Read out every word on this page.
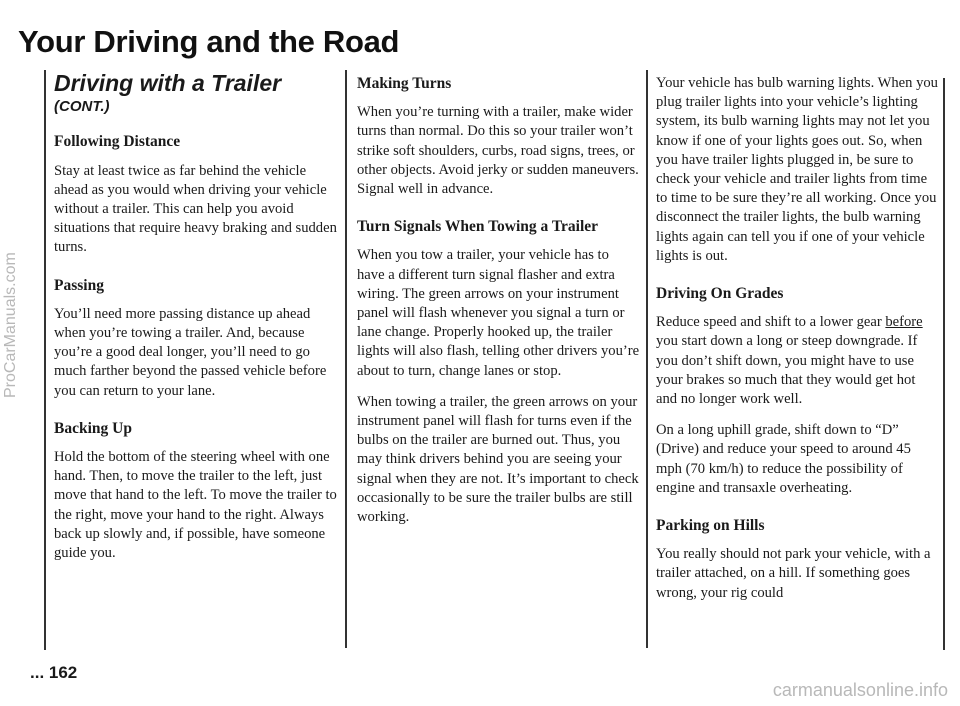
Your Driving and the Road
Driving with a Trailer
(CONT.)
Following Distance

Stay at least twice as far behind the vehicle ahead as you would when driving your vehicle without a trailer. This can help you avoid situations that require heavy braking and sudden turns.

Passing

You’ll need more passing distance up ahead when you’re towing a trailer. And, because you’re a good deal longer, you’ll need to go much farther beyond the passed vehicle before you can return to your lane.

Backing Up

Hold the bottom of the steering wheel with one hand. Then, to move the trailer to the left, just move that hand to the left. To move the trailer to the right, move your hand to the right. Always back up slowly and, if possible, have someone guide you.

Making Turns

When you’re turning with a trailer, make wider turns than normal. Do this so your trailer won’t strike soft shoulders, curbs, road signs, trees, or other objects. Avoid jerky or sudden maneuvers. Signal well in advance.

Turn Signals When Towing a Trailer

When you tow a trailer, your vehicle has to have a different turn signal flasher and extra wiring. The green arrows on your instrument panel will flash whenever you signal a turn or lane change. Properly hooked up, the trailer lights will also flash, telling other drivers you’re about to turn, change lanes or stop.

When towing a trailer, the green arrows on your instrument panel will flash for turns even if the bulbs on the trailer are burned out. Thus, you may think drivers behind you are seeing your signal when they are not. It’s important to check occasionally to be sure the trailer bulbs are still working.

Your vehicle has bulb warning lights. When you plug trailer lights into your vehicle’s lighting system, its bulb warning lights may not let you know if one of your lights goes out. So, when you have trailer lights plugged in, be sure to check your vehicle and trailer lights from time to time to be sure they’re all working. Once you disconnect the trailer lights, the bulb warning lights again can tell you if one of your vehicle lights is out.

Driving On Grades

Reduce speed and shift to a lower gear before you start down a long or steep downgrade. If you don’t shift down, you might have to use your brakes so much that they would get hot and no longer work well.

On a long uphill grade, shift down to “D” (Drive) and reduce your speed to around 45 mph (70 km/h) to reduce the possibility of engine and transaxle overheating.

Parking on Hills

You really should not park your vehicle, with a trailer attached, on a hill. If something goes wrong, your rig could

... 162
ProCarManuals.com
carmanualsonline.info
